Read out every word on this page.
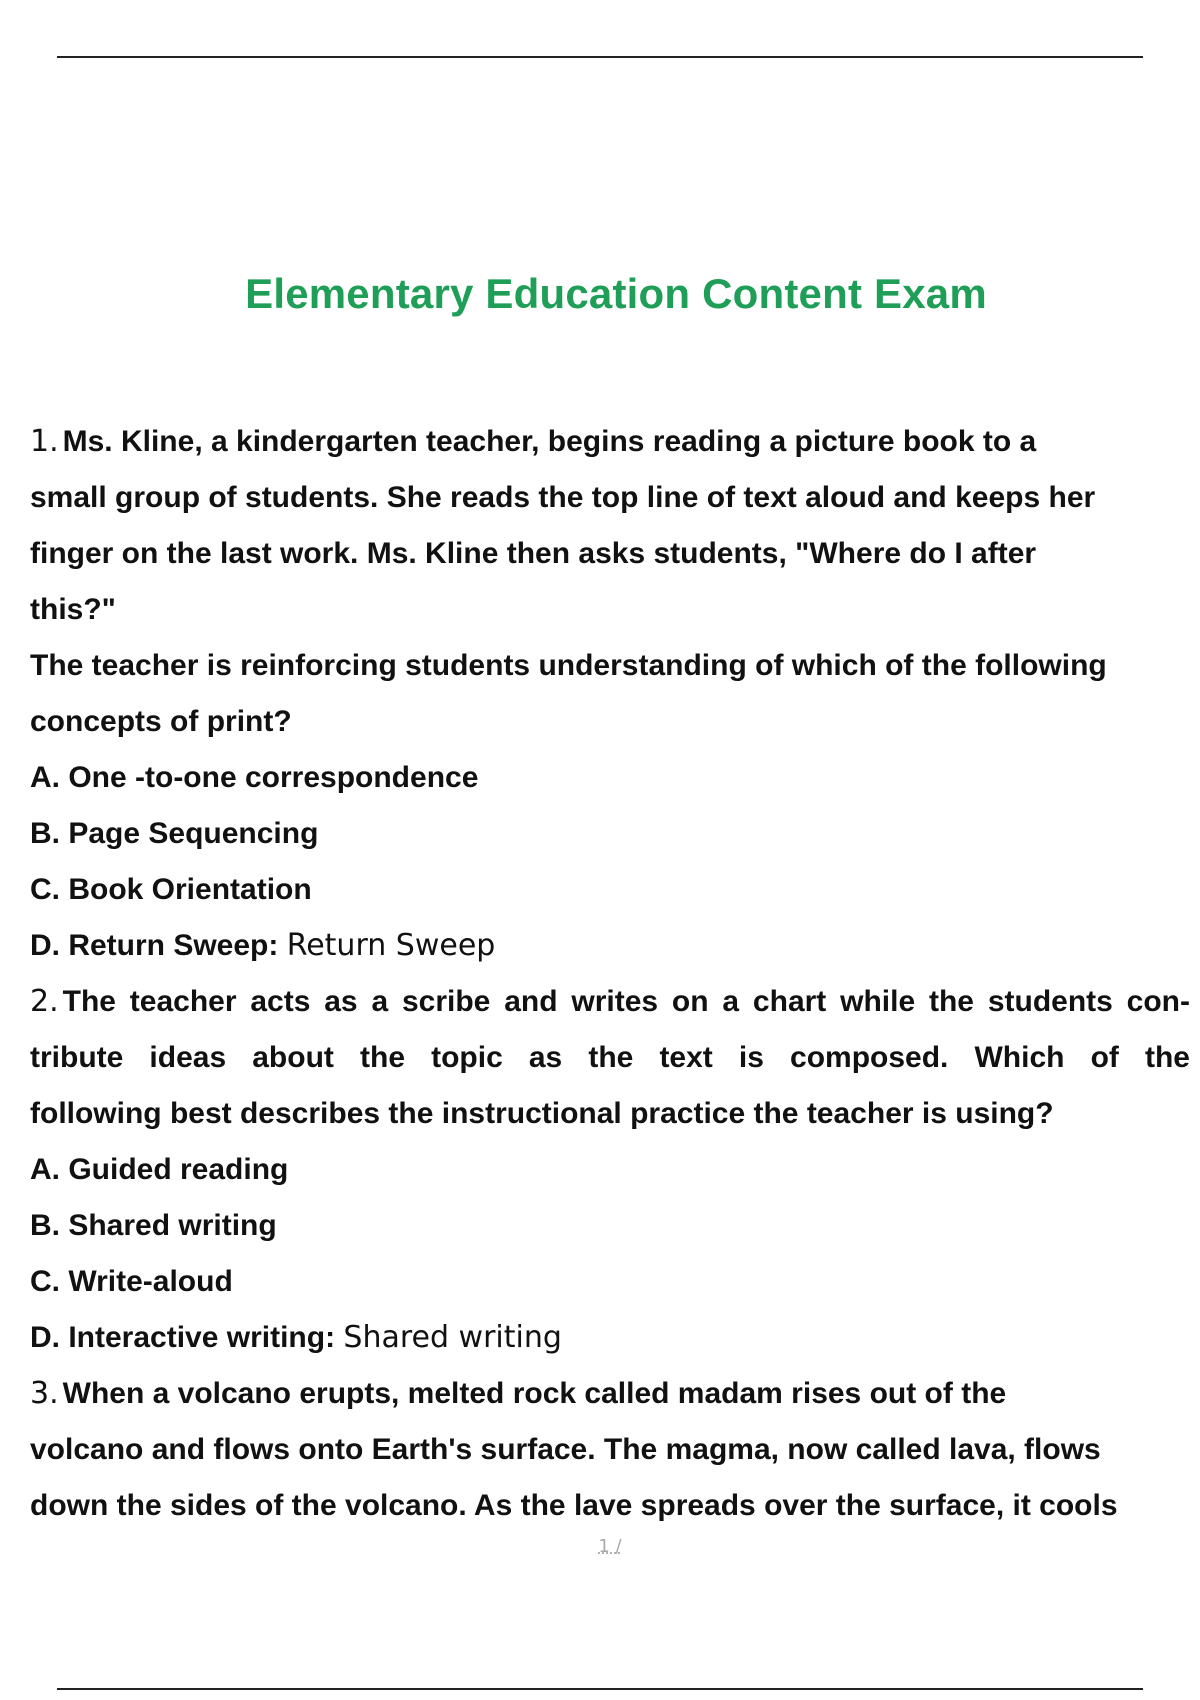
Elementary Education Content Exam
1. Ms. Kline, a kindergarten teacher, begins reading a picture book to a
small group of students. She reads the top line of text aloud and keeps her
finger on the last work. Ms. Kline then asks students, "Where do I after
this?"
The teacher is reinforcing students understanding of which of the following
concepts of print?
A. One -to-one correspondence
B. Page Sequencing
C. Book Orientation
D. Return Sweep: Return Sweep
2. The teacher acts as a scribe and writes on a chart while the students con-
tribute ideas about the topic as the text is composed. Which of the
following best describes the instructional practice the teacher is using?
A. Guided reading
B. Shared writing
C. Write-aloud
D. Interactive writing: Shared writing
3. When a volcano erupts, melted rock called madam rises out of the
volcano and flows onto Earth's surface. The magma, now called lava, flows
down the sides of the volcano. As the lave spreads over the surface, it cools
1 /
